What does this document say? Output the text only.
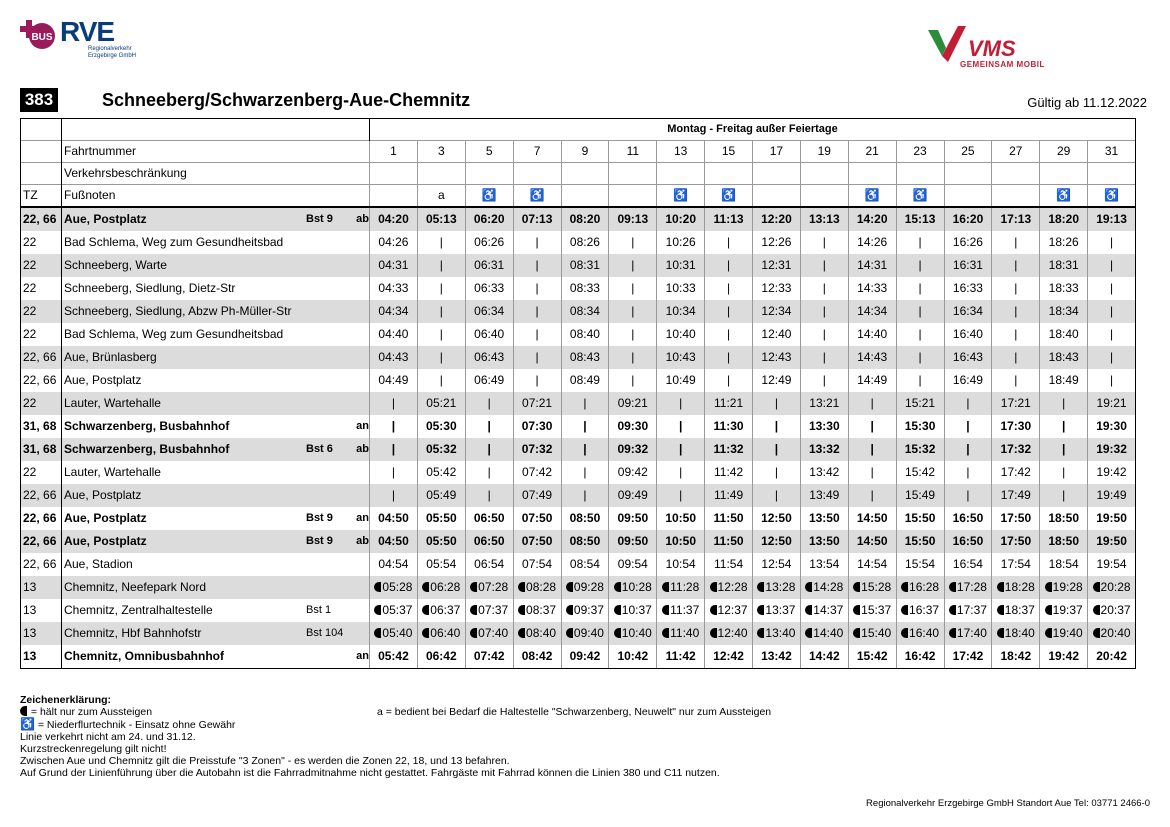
BUS RVE
Regionalverkehr
Erzgebirge GmbH	VMS
GEMEINSAM MOBIL
383	Schneeberg/Schwarzenberg-Aue-Chemnitz	Gültig ab 11.12.2022
		Montag - Freitag außer Feiertage															
	Fahrtnummer	1	3	5	7	9	11	13	15	17	19	21	23	25	27	29	31
	Verkehrsbeschränkung																
TZ	Fußnoten		a	♿	♿			♿	♿			♿	♿			♿	♿
22, 66	Aue, Postplatz Bst 9 ab	04:20	05:13	06:20	07:13	08:20	09:13	10:20	11:13	12:20	13:13	14:20	15:13	16:20	17:13	18:20	19:13
22	Bad Schlema, Weg zum Gesundheitsbad	04:26	|	06:26	|	08:26	|	10:26	|	12:26	|	14:26	|	16:26	|	18:26	|
22	Schneeberg, Warte	04:31	|	06:31	|	08:31	|	10:31	|	12:31	|	14:31	|	16:31	|	18:31	|
22	Schneeberg, Siedlung, Dietz-Str	04:33	|	06:33	|	08:33	|	10:33	|	12:33	|	14:33	|	16:33	|	18:33	|
22	Schneeberg, Siedlung, Abzw Ph-Müller-Str	04:34	|	06:34	|	08:34	|	10:34	|	12:34	|	14:34	|	16:34	|	18:34	|
22	Bad Schlema, Weg zum Gesundheitsbad	04:40	|	06:40	|	08:40	|	10:40	|	12:40	|	14:40	|	16:40	|	18:40	|
22, 66	Aue, Brünlasberg	04:43	|	06:43	|	08:43	|	10:43	|	12:43	|	14:43	|	16:43	|	18:43	|
22, 66	Aue, Postplatz	04:49	|	06:49	|	08:49	|	10:49	|	12:49	|	14:49	|	16:49	|	18:49	|
22	Lauter, Wartehalle	|	05:21	|	07:21	|	09:21	|	11:21	|	13:21	|	15:21	|	17:21	|	19:21
31, 68	Schwarzenberg, Busbahnhof an	|	05:30	|	07:30	|	09:30	|	11:30	|	13:30	|	15:30	|	17:30	|	19:30
31, 68	Schwarzenberg, Busbahnhof Bst 6 ab	|	05:32	|	07:32	|	09:32	|	11:32	|	13:32	|	15:32	|	17:32	|	19:32
22	Lauter, Wartehalle	|	05:42	|	07:42	|	09:42	|	11:42	|	13:42	|	15:42	|	17:42	|	19:42
22, 66	Aue, Postplatz	|	05:49	|	07:49	|	09:49	|	11:49	|	13:49	|	15:49	|	17:49	|	19:49
22, 66	Aue, Postplatz Bst 9 an	04:50	05:50	06:50	07:50	08:50	09:50	10:50	11:50	12:50	13:50	14:50	15:50	16:50	17:50	18:50	19:50
22, 66	Aue, Postplatz Bst 9 ab	04:50	05:50	06:50	07:50	08:50	09:50	10:50	11:50	12:50	13:50	14:50	15:50	16:50	17:50	18:50	19:50
22, 66	Aue, Stadion	04:54	05:54	06:54	07:54	08:54	09:54	10:54	11:54	12:54	13:54	14:54	15:54	16:54	17:54	18:54	19:54
13	Chemnitz, Neefepark Nord	05:28	06:28	07:28	08:28	09:28	10:28	11:28	12:28	13:28	14:28	15:28	16:28	17:28	18:28	19:28	20:28
13	Chemnitz, Zentralhaltestelle Bst 1	05:37	06:37	07:37	08:37	09:37	10:37	11:37	12:37	13:37	14:37	15:37	16:37	17:37	18:37	19:37	20:37
13	Chemnitz, Hbf Bahnhofstr Bst 104	05:40	06:40	07:40	08:40	09:40	10:40	11:40	12:40	13:40	14:40	15:40	16:40	17:40	18:40	19:40	20:40
13	Chemnitz, Omnibusbahnhof an	05:42	06:42	07:42	08:42	09:42	10:42	11:42	12:42	13:42	14:42	15:42	16:42	17:42	18:42	19:42	20:42
Zeichenerklärung:
= hält nur zum Aussteigen
♿ = Niederflurtechnik - Einsatz ohne Gewähr
Linie verkehrt nicht am 24. und 31.12.
Kurzstreckenregelung gilt nicht!
Zwischen Aue und Chemnitz gilt die Preisstufe "3 Zonen" - es werden die Zonen 22, 18, und 13 befahren.
Auf Grund der Linienführung über die Autobahn ist die Fahrradmitnahme nicht gestattet. Fahrgäste mit Fahrrad können die Linien 380 und C11 nutzen.
a = bedient bei Bedarf die Haltestelle "Schwarzenberg, Neuwelt" nur zum Aussteigen
Regionalverkehr Erzgebirge GmbH Standort Aue Tel: 03771 2466-0
